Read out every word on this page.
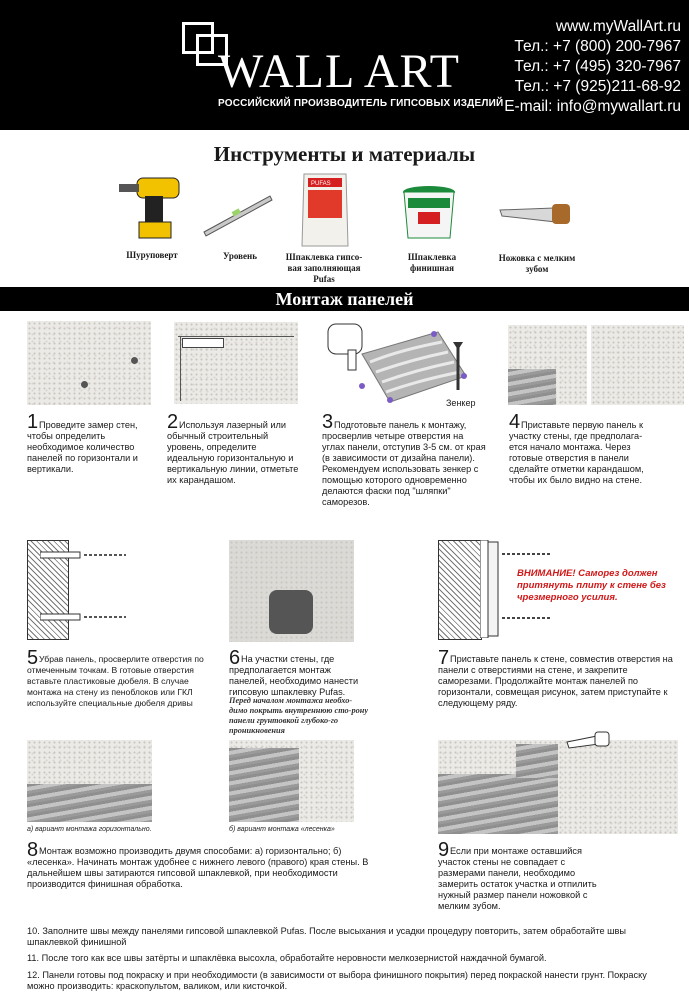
WALL ART
РОССИЙСКИЙ ПРОИЗВОДИТЕЛЬ ГИПСОВЫХ ИЗДЕЛИЙ
www.myWallArt.ru
Тел.: +7 (800) 200-7967
Тел.: +7 (495) 320-7967
Тел.: +7 (925)211-68-92
E-mail: info@mywallart.ru
Инструменты и материалы
PUFAS
Шуруповерт	Уровень	Шпаклевка гипсо-вая заполняющая Pufas
Шпаклевка финишная
Ножовка с мелким зубом
Монтаж панелей
Зенкер
1 Проведите замер стен, чтобы определить необходимое количество панелей по горизонтали и вертикали.
2 Используя лазерный или обычный строительный уровень, определите идеальную горизонтальную и вертикальную линии, отметьте их карандашом.
3 Подготовьте панель к монтажу, просверлив четыре отверстия на углах панели, отступив 3-5 см. от края (в зависимости от дизайна панели). Рекомендуем использовать зенкер с помощью которого одновременно делаются фаски под "шляпки" саморезов.
4 Приставьте первую панель к участку стены, где предполага-ется начало монтажа. Через готовые отверстия в панели сделайте отметки карандашом, чтобы их было видно на стене.
ВНИМАНИЕ! Саморез должен притянуть плиту к стене без чрезмерного усилия.
5 Убрав панель, просверлите отверстия по отмеченным точкам. В готовые отверстия вставьте пластиковые дюбеля. В случае монтажа на стену из пеноблоков или ГКЛ используйте специальные дюбеля дривы
6 На участки стены, где предполагается монтаж панелей, необходимо нанести гипсовую шпаклевку Pufas.
Перед началом монтажа необхо-димо покрыть внутреннюю сто-рону панели грунтовкой глубоко-го проникновения
7 Приставьте панель к стене, совместив отверстия на панели с отверстиями на стене, и закрепите саморезами. Продолжайте монтаж панелей по горизонтали, совмещая рисунок, затем приступайте к следующему ряду.
а) вариант монтажа горизонтально.	б) вариант монтажа «лесенка»
8 Монтаж возможно производить двумя способами: а) горизонтально; б) «лесенка». Начинать монтаж удобнее с нижнего левого (правого) края стены. В дальнейшем швы затираются гипсовой шпаклевкой, при необходимости производится финишная обработка.
9 Если при монтаже оставшийся участок стены не совпадает с размерами панели, необходимо замерить остаток участка и отпилить нужный размер панели ножовкой с мелким зубом.
10. Заполните швы между панелями гипсовой шпаклевкой Pufas. После высыхания и усадки процедуру повторить, затем обработайте швы шпаклевкой финишной
11. После того как все швы затёрты и шпаклёвка высохла, обработайте неровности мелкозернистой наждачной бумагой.
12. Панели готовы под покраску и при необходимости (в зависимости от выбора финишного покрытия) перед покраской нанести грунт. Покраску можно производить: краскопультом, валиком, или кисточкой.
